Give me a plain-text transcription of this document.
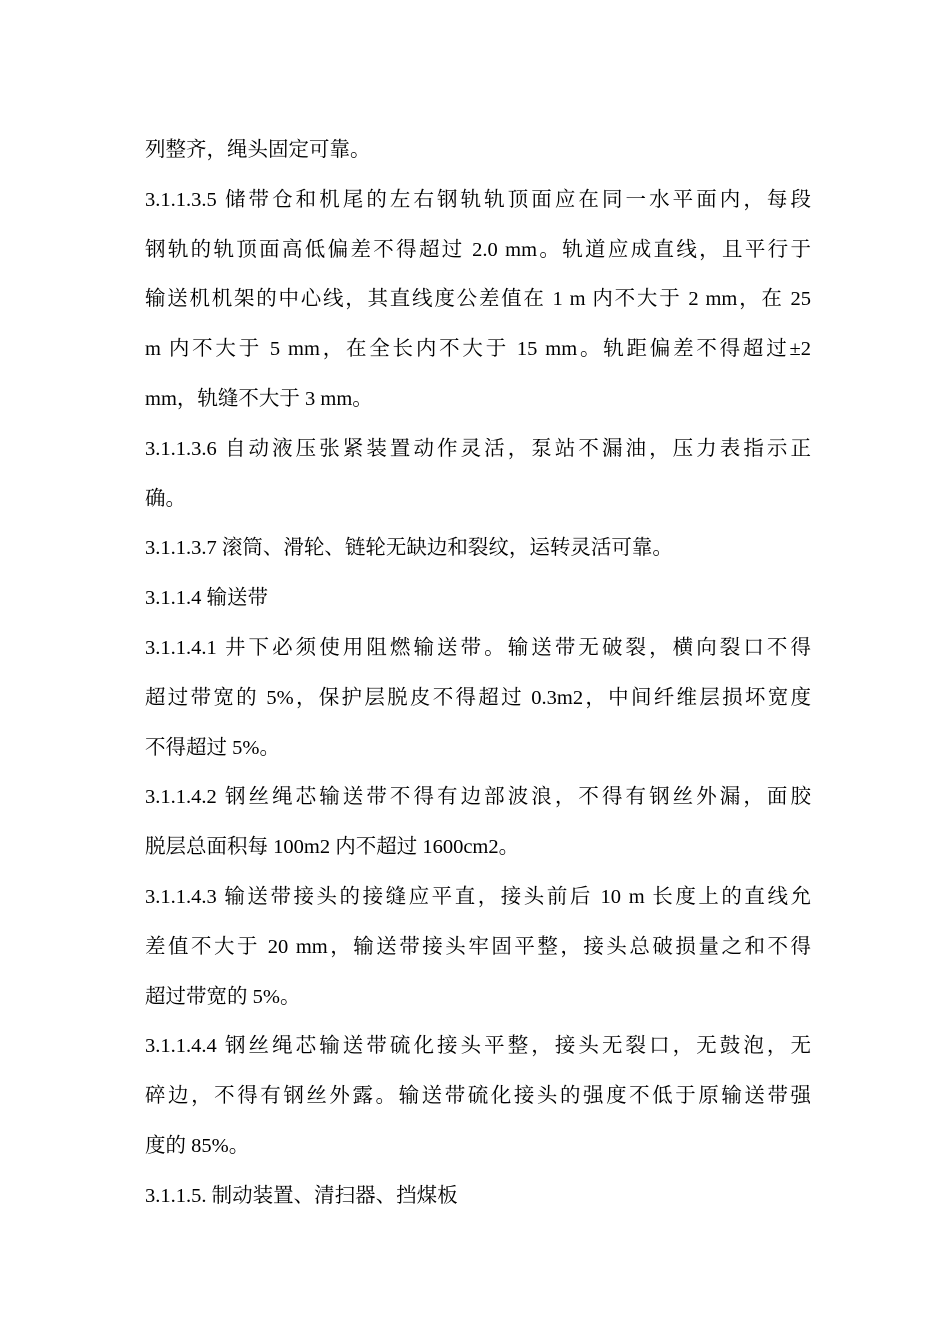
列整齐，绳头固定可靠。
3.1.1.3.5 储带仓和机尾的左右钢轨轨顶面应在同一水平面内，每段
钢轨的轨顶面高低偏差不得超过 2.0 mm。轨道应成直线，且平行于
输送机机架的中心线，其直线度公差值在 1 m 内不大于 2 mm，在 25
m 内不大于 5 mm，在全长内不大于 15 mm。轨距偏差不得超过±2
mm，轨缝不大于 3 mm。
3.1.1.3.6 自动液压张紧装置动作灵活，泵站不漏油，压力表指示正
确。
3.1.1.3.7 滚筒、滑轮、链轮无缺边和裂纹，运转灵活可靠。
3.1.1.4 输送带
3.1.1.4.1 井下必须使用阻燃输送带。输送带无破裂，横向裂口不得
超过带宽的 5%，保护层脱皮不得超过 0.3m2，中间纤维层损坏宽度
不得超过 5%。
3.1.1.4.2 钢丝绳芯输送带不得有边部波浪，不得有钢丝外漏，面胶
脱层总面积每 100m2 内不超过 1600cm2。
3.1.1.4.3 输送带接头的接缝应平直，接头前后 10 m 长度上的直线允
差值不大于 20 mm，输送带接头牢固平整，接头总破损量之和不得
超过带宽的 5%。
3.1.1.4.4 钢丝绳芯输送带硫化接头平整，接头无裂口，无鼓泡，无
碎边，不得有钢丝外露。输送带硫化接头的强度不低于原输送带强
度的 85%。
3.1.1.5. 制动装置、清扫器、挡煤板
